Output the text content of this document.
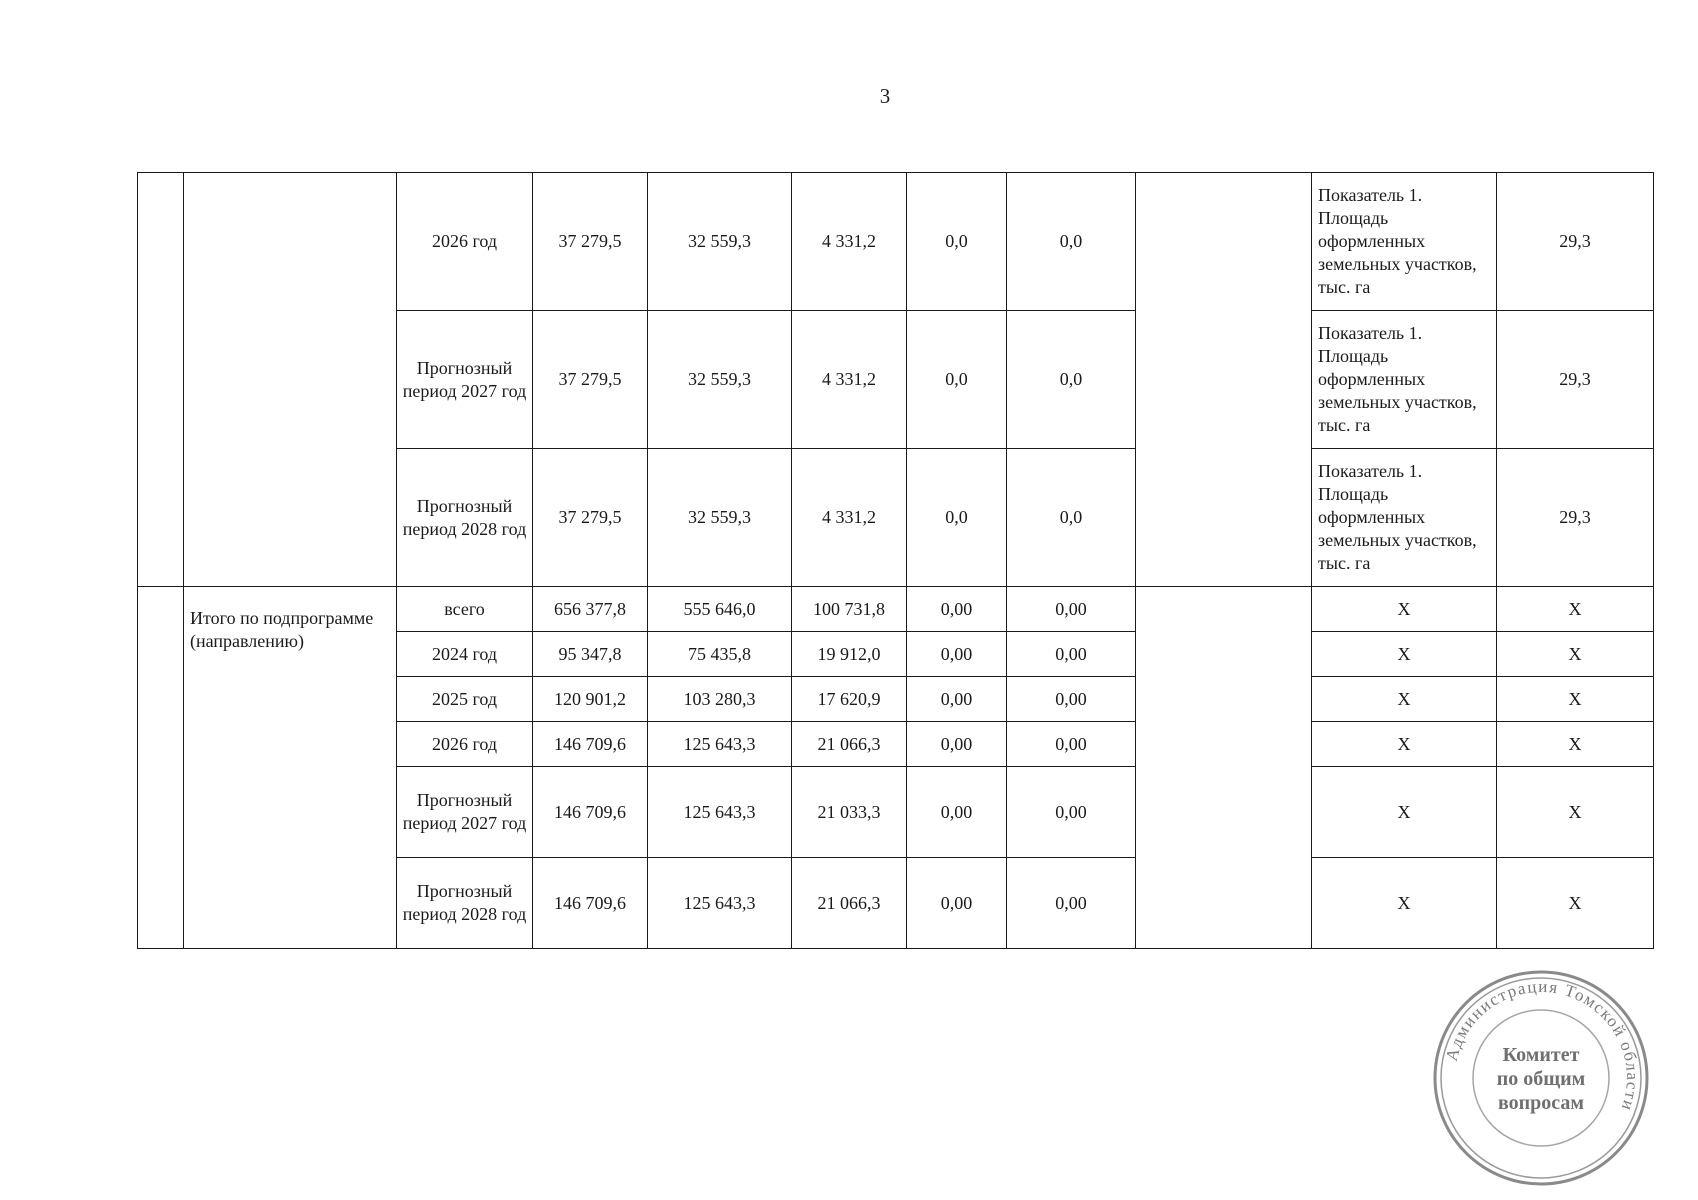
3
		2026 год	37 279,5	32 559,3	4 331,2	0,0	0,0		Показатель 1. Площадь оформленных земельных участков, тыс. га	29,3
		Прогнозный период 2027 год	37 279,5	32 559,3	4 331,2	0,0	0,0		Показатель 1. Площадь оформленных земельных участков, тыс. га	29,3
		Прогнозный период 2028 год	37 279,5	32 559,3	4 331,2	0,0	0,0		Показатель 1. Площадь оформленных земельных участков, тыс. га	29,3
	Итого по подпрограмме (направлению)	всего	656 377,8	555 646,0	100 731,8	0,00	0,00		X	X
		2024 год	95 347,8	75 435,8	19 912,0	0,00	0,00		X	X
		2025 год	120 901,2	103 280,3	17 620,9	0,00	0,00		X	X
		2026 год	146 709,6	125 643,3	21 066,3	0,00	0,00		X	X
		Прогнозный период 2027 год	146 709,6	125 643,3	21 033,3	0,00	0,00		X	X
		Прогнозный период 2028 год	146 709,6	125 643,3	21 066,3	0,00	0,00		X	X
Администрация Томской области
Комитет
по общим
вопросам
